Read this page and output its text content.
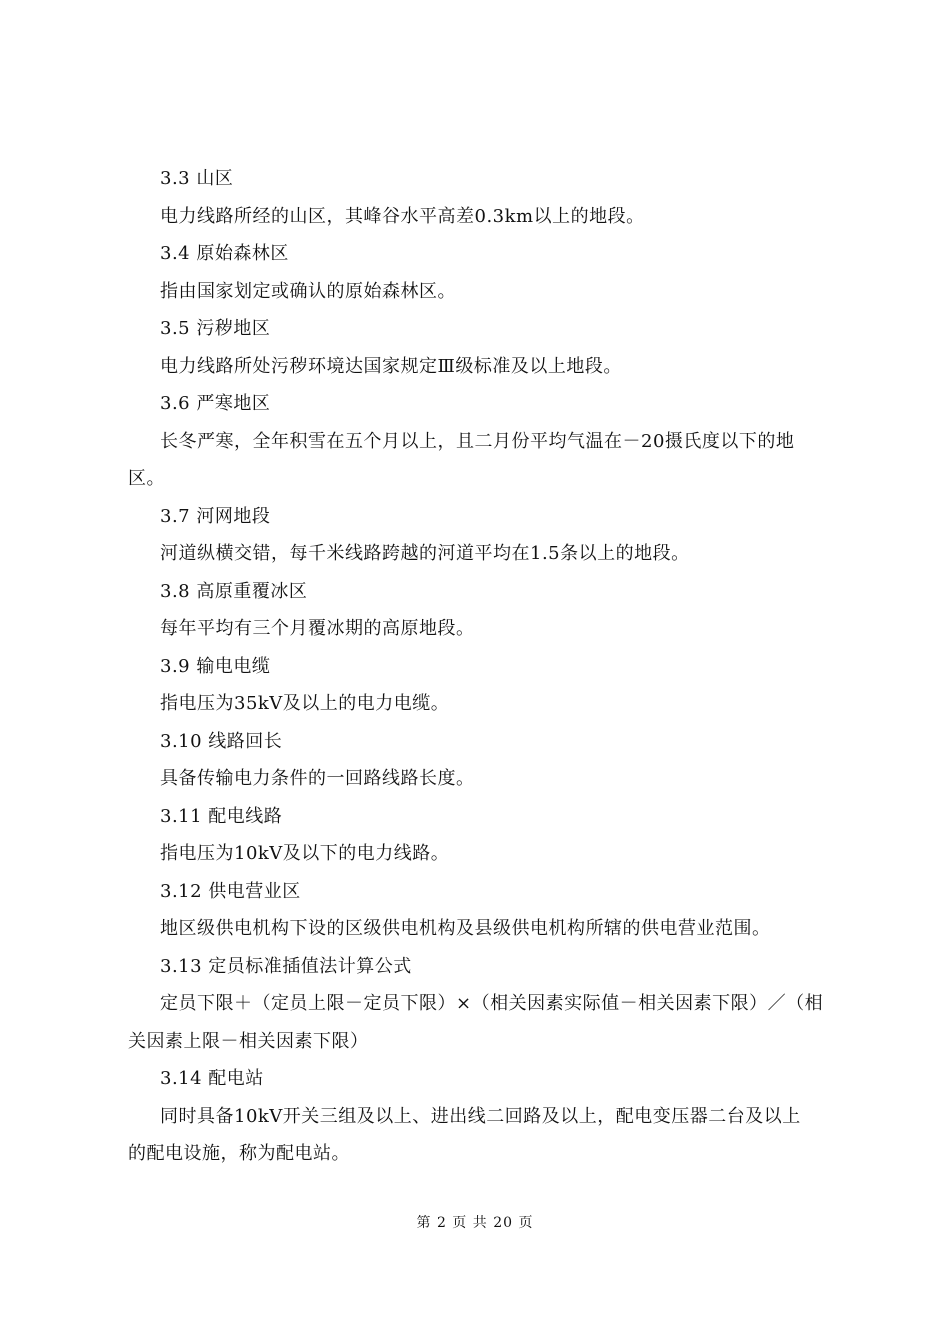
3.3 山区
电力线路所经的山区，其峰谷水平高差0.3km以上的地段。
3.4 原始森林区
指由国家划定或确认的原始森林区。
3.5 污秽地区
电力线路所处污秽环境达国家规定Ⅲ级标准及以上地段。
3.6 严寒地区
长冬严寒，全年积雪在五个月以上，且二月份平均气温在－20摄氏度以下的地
区。
3.7 河网地段
河道纵横交错，每千米线路跨越的河道平均在1.5条以上的地段。
3.8 高原重覆冰区
每年平均有三个月覆冰期的高原地段。
3.9 输电电缆
指电压为35kV及以上的电力电缆。
3.10 线路回长
具备传输电力条件的一回路线路长度。
3.11 配电线路
指电压为10kV及以下的电力线路。
3.12 供电营业区
地区级供电机构下设的区级供电机构及县级供电机构所辖的供电营业范围。
3.13 定员标准插值法计算公式
定员下限＋（定员上限－定员下限）×（相关因素实际值－相关因素下限）／（相
关因素上限－相关因素下限）
3.14 配电站
同时具备10kV开关三组及以上、进出线二回路及以上，配电变压器二台及以上
的配电设施，称为配电站。
第 2 页 共 20 页
